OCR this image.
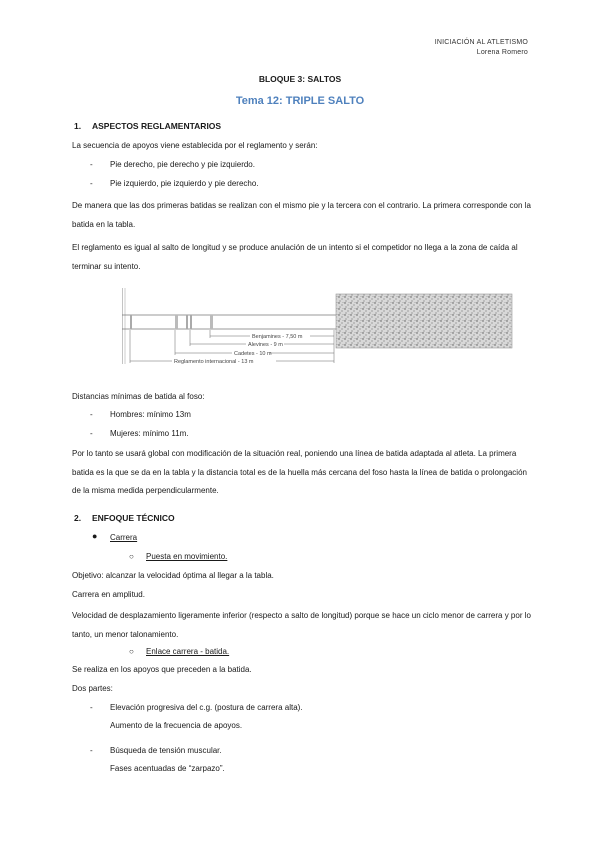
INICIACIÓN AL ATLETISMO
Lorena Romero
BLOQUE 3: SALTOS
Tema 12: TRIPLE SALTO
1. ASPECTOS REGLAMENTARIOS
La secuencia de apoyos viene establecida por el reglamento y serán:
- Pie derecho, pie derecho y pie izquierdo.
- Pie izquierdo, pie izquierdo y pie derecho.
De manera que las dos primeras batidas se realizan con el mismo pie y la tercera con el contrario. La primera corresponde con la batida en la tabla.
El reglamento es igual al salto de longitud y se produce anulación de un intento si el competidor no llega a la zona de caída al terminar su intento.
Benjamines - 7,50 m
Alevines - 9 m
Cadetes - 10 m
Reglamento internacional - 13 m
Distancias mínimas de batida al foso:
- Hombres: mínimo 13m
- Mujeres: mínimo 11m.
Por lo tanto se usará global con modificación de la situación real, poniendo una línea de batida adaptada al atleta. La primera batida es la que se da en la tabla y la distancia total es de la huella más cercana del foso hasta la línea de batida o prolongación de la misma medida perpendicularmente.
2. ENFOQUE TÉCNICO
● Carrera
○ Puesta en movimiento.
Objetivo: alcanzar la velocidad óptima al llegar a la tabla.
Carrera en amplitud.
Velocidad de desplazamiento ligeramente inferior (respecto a salto de longitud) porque se hace un ciclo menor de carrera y por lo tanto, un menor talonamiento.
○ Enlace carrera - batida.
Se realiza en los apoyos que preceden a la batida.
Dos partes:
- Elevación progresiva del c.g. (postura de carrera alta).
Aumento de la frecuencia de apoyos.
- Búsqueda de tensión muscular.
Fases acentuadas de “zarpazo”.
